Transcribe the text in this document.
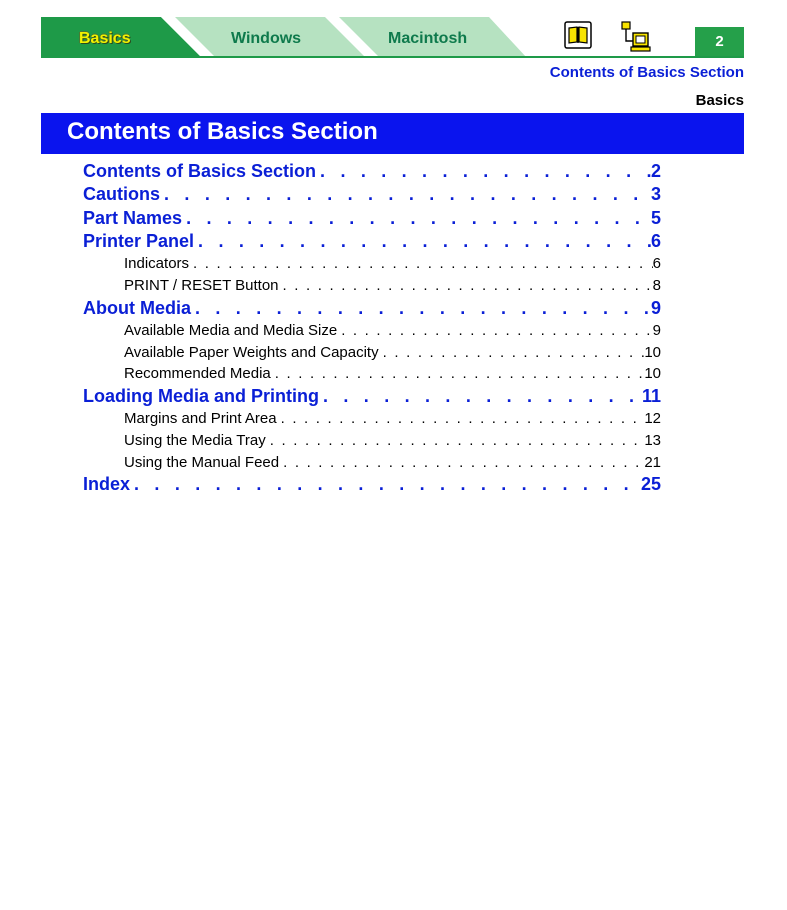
Basics	Windows	Macintosh	2
Contents of Basics Section
Basics
Contents of Basics Section
Contents of Basics Section . . .	2
Cautions . . .	3
Part Names . . .	5
Printer Panel . . .	6
Indicators . . .	6
PRINT / RESET Button . . .	8
About Media . . .	9
Available Media and Media Size . . .	9
Available Paper Weights and Capacity . . .	10
Recommended Media . . .	10
Loading Media and Printing . . .	11
Margins and Print Area . . .	12
Using the Media Tray . . .	13
Using the Manual Feed . . .	21
Index . . .	25
